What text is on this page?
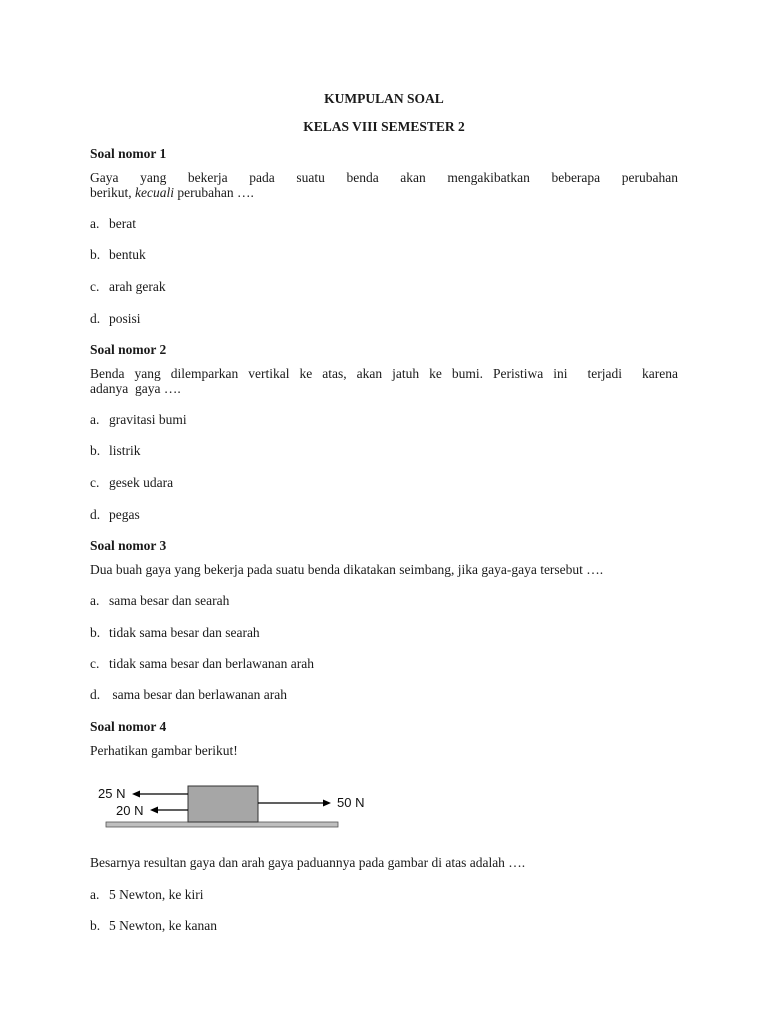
KUMPULAN SOAL
KELAS VIII SEMESTER 2
Soal nomor 1
Gaya yang bekerja pada suatu benda akan mengakibatkan beberapa perubahan
berikut, kecuali perubahan ….
a. berat
b. bentuk
c. arah gerak
d. posisi
Soal nomor 2
Benda yang dilemparkan vertikal ke atas, akan jatuh ke bumi. Peristiwa ini  terjadi  karena
adanya  gaya ….
a. gravitasi bumi
b. listrik
c. gesek udara
d. pegas
Soal nomor 3
Dua buah gaya yang bekerja pada suatu benda dikatakan seimbang, jika gaya-gaya tersebut ….
a. sama besar dan searah
b. tidak sama besar dan searah
c. tidak sama besar dan berlawanan arah
d. sama besar dan berlawanan arah
Soal nomor 4
Perhatikan gambar berikut!
25 N
20 N
50 N
Besarnya resultan gaya dan arah gaya paduannya pada gambar di atas adalah ….
a. 5 Newton, ke kiri
b. 5 Newton, ke kanan
